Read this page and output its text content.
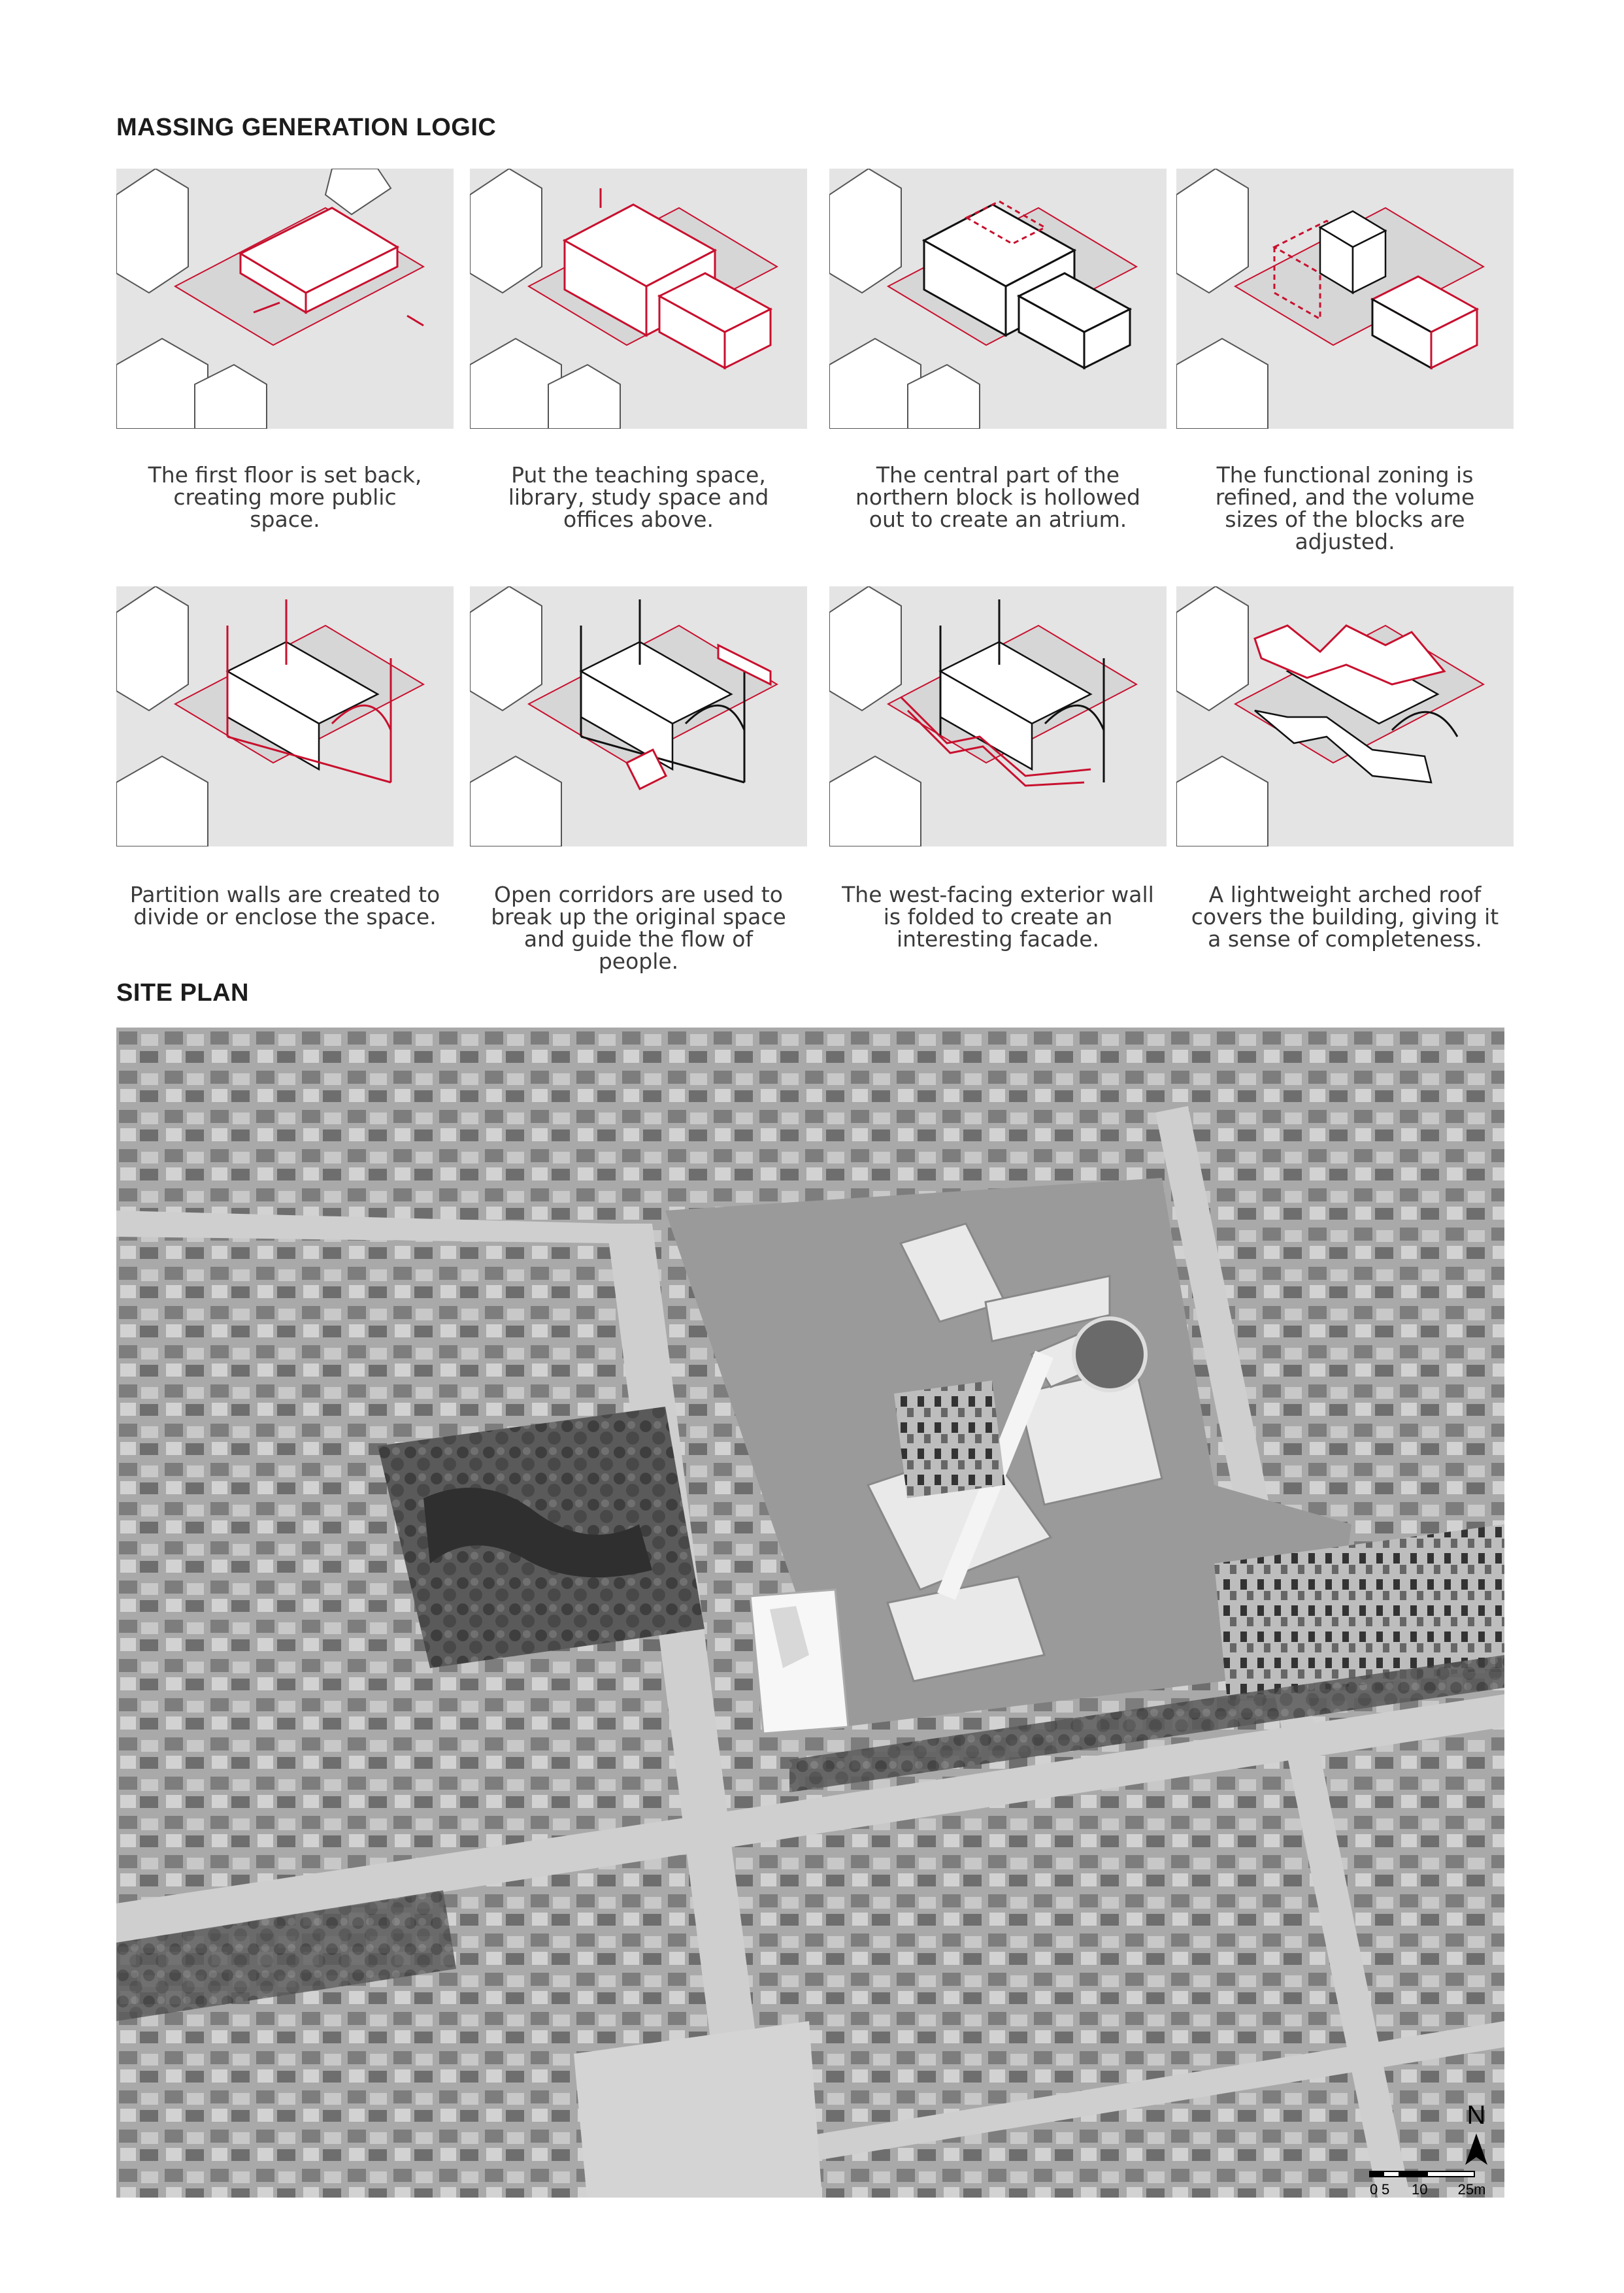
MASSING GENERATION LOGIC
The first floor is set back, creating more public space.
Put the teaching space, library, study space and offices above.
The central part of the northern block is hollowed out to create an atrium.
The functional zoning is refined, and the volume sizes of the blocks are adjusted.
Partition walls are created to divide or enclose the space.
Open corridors are used to break up the original space and guide the flow of people.
The west-facing exterior wall is folded to create an interesting facade.
A lightweight arched roof covers the building, giving it a sense of completeness.
SITE PLAN
N
0 5 10 25m
